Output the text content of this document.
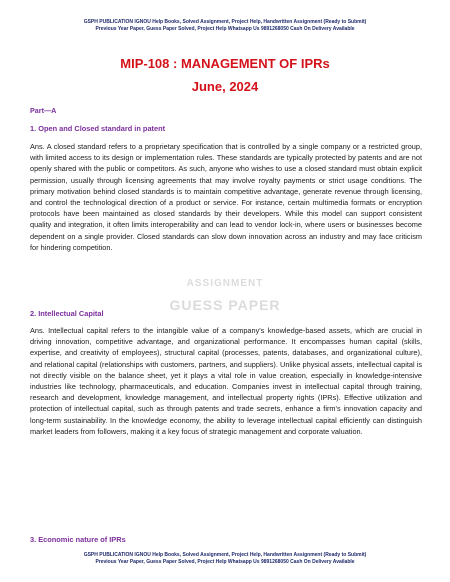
GSPH PUBLICATION IGNOU Help Books, Solved Assignment, Project Help, Handwritten Assignment (Ready to Submit)
Previous Year Paper, Guess Paper Solved, Project Help Whatsapp Us 9891268050 Cash On Delivery Available
MIP-108 : MANAGEMENT OF IPRs
June, 2024
Part—A
1. Open and Closed standard in patent
Ans. A closed standard refers to a proprietary specification that is controlled by a single company or a restricted group, with limited access to its design or implementation rules. These standards are typically protected by patents and are not openly shared with the public or competitors. As such, anyone who wishes to use a closed standard must obtain explicit permission, usually through licensing agreements that may involve royalty payments or strict usage conditions. The primary motivation behind closed standards is to maintain competitive advantage, generate revenue through licensing, and control the technological direction of a product or service. For instance, certain multimedia formats or encryption protocols have been maintained as closed standards by their developers. While this model can support consistent quality and integration, it often limits interoperability and can lead to vendor lock-in, where users or businesses become dependent on a single provider. Closed standards can slow down innovation across an industry and may face criticism for hindering competition.
ASSIGNMENT
GUESS PAPER
2. Intellectual Capital
Ans. Intellectual capital refers to the intangible value of a company's knowledge-based assets, which are crucial in driving innovation, competitive advantage, and organizational performance. It encompasses human capital (skills, expertise, and creativity of employees), structural capital (processes, patents, databases, and organizational culture), and relational capital (relationships with customers, partners, and suppliers). Unlike physical assets, intellectual capital is not directly visible on the balance sheet, yet it plays a vital role in value creation, especially in knowledge-intensive industries like technology, pharmaceuticals, and education. Companies invest in intellectual capital through training, research and development, knowledge management, and intellectual property rights (IPRs). Effective utilization and protection of intellectual capital, such as through patents and trade secrets, enhance a firm's innovation capacity and long-term sustainability. In the knowledge economy, the ability to leverage intellectual capital efficiently can distinguish market leaders from followers, making it a key focus of strategic management and corporate valuation.
3. Economic nature of IPRs
GSPH PUBLICATION IGNOU Help Books, Solved Assignment, Project Help, Handwritten Assignment (Ready to Submit)
Previous Year Paper, Guess Paper Solved, Project Help Whatsapp Us 9891268050 Cash On Delivery Available
